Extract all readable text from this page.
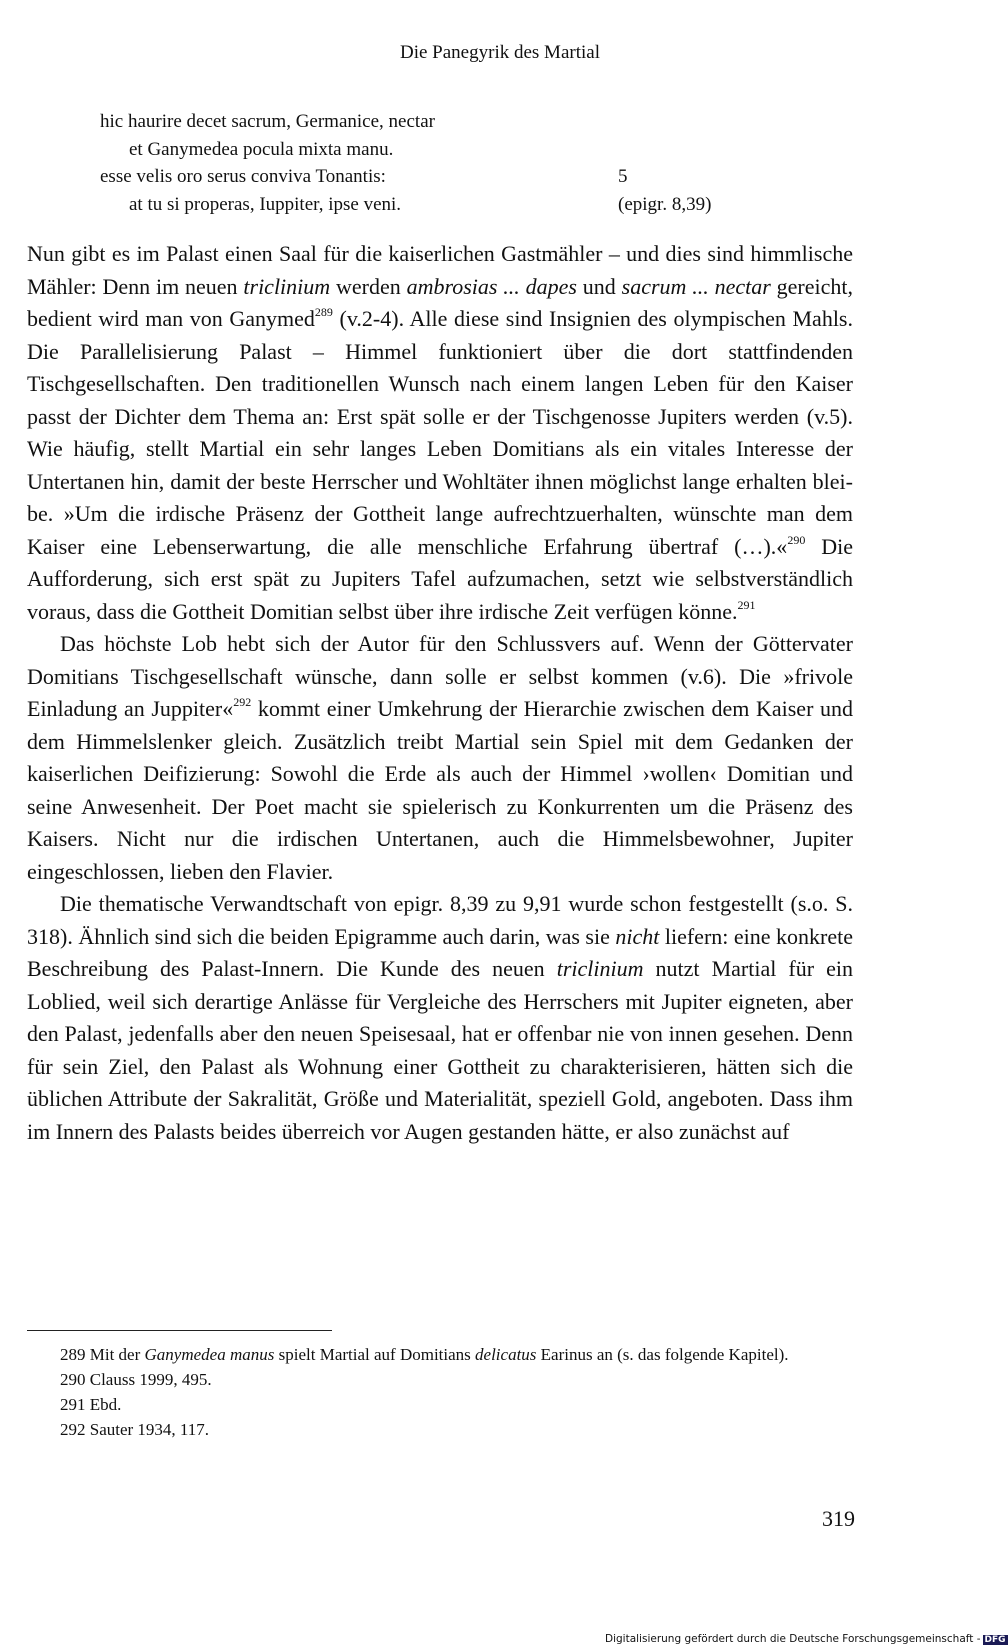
Die Panegyrik des Martial
hic haurire decet sacrum, Germanice, nectar
et Ganymedea pocula mixta manu.
esse velis oro serus conviva Tonantis:	5
at tu si properas, Iuppiter, ipse veni.	(epigr. 8,39)

Nun gibt es im Palast einen Saal für die kaiserlichen Gastmähler – und dies sind himmlische Mähler: Denn im neuen triclinium werden ambrosias ... dapes und sacrum ... nectar gereicht, bedient wird man von Ganymed$^{289}$ (v.2-4). Alle diese sind Insignien des olympischen Mahls. Die Parallelisierung Palast – Himmel funktioniert über die dort stattfindenden Tischgesellschaften. Den traditionellen Wunsch nach einem langen Leben für den Kaiser passt der Dichter dem Thema an: Erst spät solle er der Tischgenosse Jupiters werden (v.5). Wie häufig, stellt Martial ein sehr langes Leben Domitians als ein vitales Interesse der Untertanen hin, damit der beste Herrscher und Wohltäter ihnen möglichst lange erhalten bleibe. »Um die irdische Präsenz der Gottheit lange aufrechtzuerhalten, wünschte man dem Kaiser eine Lebenserwartung, die alle menschliche Erfahrung übertraf (…).«$^{290}$ Die Aufforderung, sich erst spät zu Jupiters Tafel aufzumachen, setzt wie selbstverständlich voraus, dass die Gottheit Domitian selbst über ihre irdische Zeit verfügen könne.$^{291}$

Das höchste Lob hebt sich der Autor für den Schlussvers auf. Wenn der Göttervater Domitians Tischgesellschaft wünsche, dann solle er selbst kommen (v.6). Die »frivole Einladung an Juppiter«$^{292}$ kommt einer Umkehrung der Hierarchie zwischen dem Kaiser und dem Himmelslenker gleich. Zusätzlich treibt Martial sein Spiel mit dem Gedanken der kaiserlichen Deifizierung: Sowohl die Erde als auch der Himmel ›wollen‹ Domitian und seine Anwesenheit. Der Poet macht sie spielerisch zu Konkurrenten um die Präsenz des Kaisers. Nicht nur die irdischen Untertanen, auch die Himmelsbewohner, Jupiter eingeschlossen, lieben den Flavier.

Die thematische Verwandtschaft von epigr. 8,39 zu 9,91 wurde schon festgestellt (s.o. S. 318). Ähnlich sind sich die beiden Epigramme auch darin, was sie nicht liefern: eine konkrete Beschreibung des Palast-Innern. Die Kunde des neuen triclinium nutzt Martial für ein Loblied, weil sich derartige Anlässe für Vergleiche des Herrschers mit Jupiter eigneten, aber den Palast, jedenfalls aber den neuen Speisesaal, hat er offenbar nie von innen gesehen. Denn für sein Ziel, den Palast als Wohnung einer Gottheit zu charakterisieren, hätten sich die üblichen Attribute der Sakralität, Größe und Materialität, speziell Gold, angeboten. Dass ihm im Innern des Palasts beides überreich vor Augen gestanden hätte, er also zunächst auf

289 Mit der Ganymedea manus spielt Martial auf Domitians delicatus Earinus an (s. das folgende Kapitel).
290 Clauss 1999, 495.
291 Ebd.
292 Sauter 1934, 117.
319
Digitalisierung gefördert durch die Deutsche Forschungsgemeinschaft - DFG
